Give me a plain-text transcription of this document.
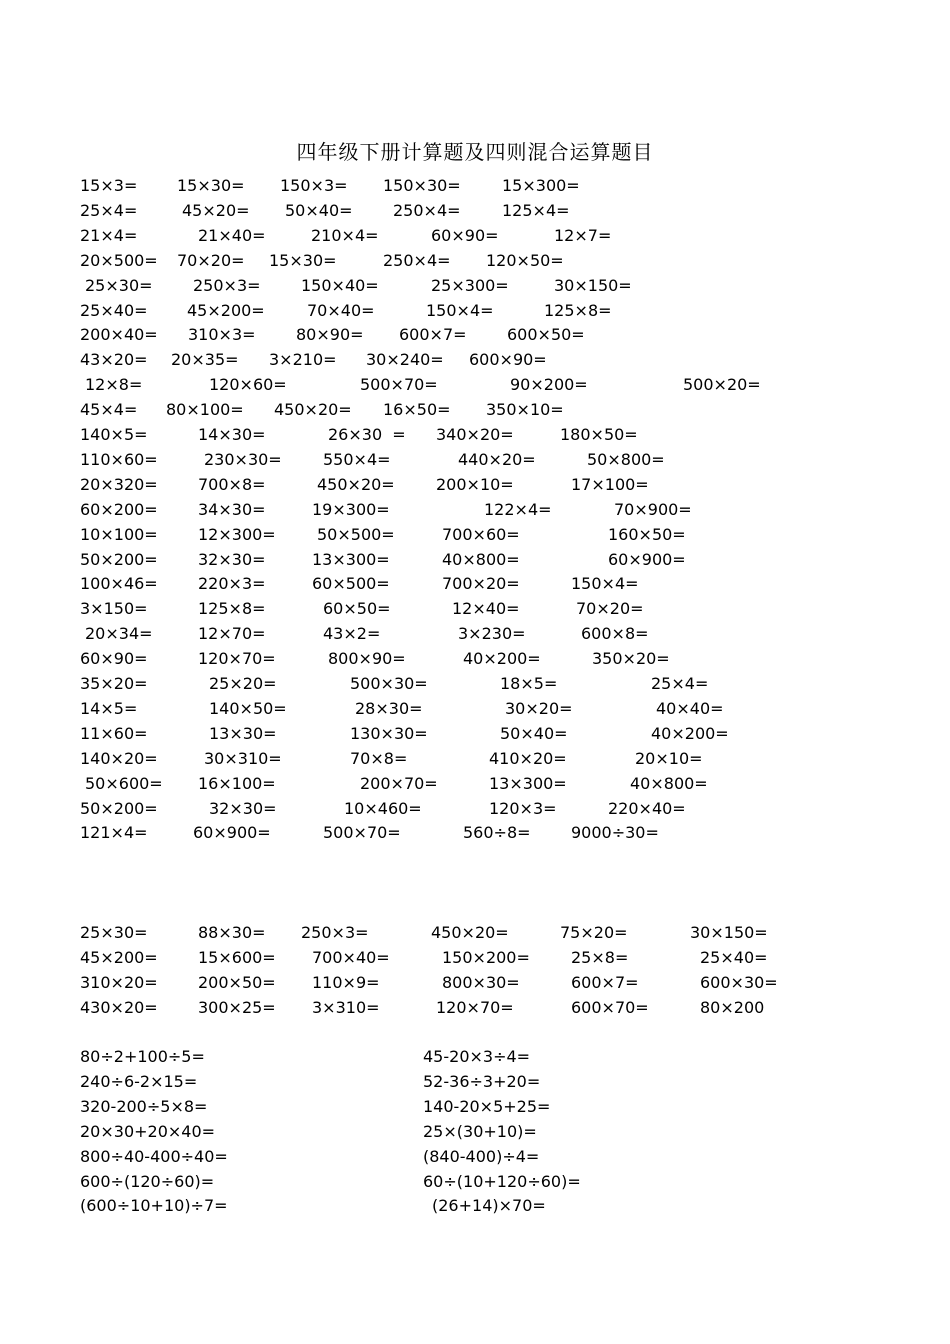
四年级下册计算题及四则混合运算题目
15×3= 15×30= 150×3= 150×30=	15×300=
25×4=	45×20= 50×40=	250×4=	125×4=
21×4=	21×40=	210×4=	60×90=	12×7=
20×500= 70×20= 15×30=	250×4= 120×50=
25×30=	250×3=	150×40=	25×300=	30×150=
25×40= 45×200=	70×40=	150×4=	125×8=
200×40= 310×3=	80×90= 600×7=	600×50=
43×20= 20×35= 3×210= 30×240= 600×90=
12×8=	120×60=	500×70=	90×200=	500×20=
45×4= 80×100= 450×20= 16×50= 350×10=
140×5=	14×30=	26×30  = 340×20=	180×50=
110×60=	230×30=	550×4=	440×20=	50×800=
20×320=	700×8=	450×20=	200×10=	17×100=
60×200=	34×30=	19×300=	122×4=	70×900=
10×100=	12×300=	50×500=	700×60=	160×50=
50×200=	32×30=	13×300=	40×800=	60×900=
100×46=	220×3=	60×500=	700×20=	150×4=
3×150=	125×8=	60×50=	12×40=	70×20=
20×34=	12×70=	43×2=	3×230=	600×8=
60×90=	120×70=	800×90=	40×200=	350×20=
35×20=	25×20=	500×30=	18×5=	25×4=
14×5=	140×50=	28×30=	30×20=	40×40=
11×60=	13×30=	130×30=	50×40=	40×200=
140×20=	30×310=	70×8=	410×20=	20×10=
50×600= 16×100=	200×70=	13×300=	40×800=
50×200=	32×30=	10×460=	120×3=	220×40=
121×4=	60×900=	500×70=	560÷8=	9000÷30=
25×30=	88×30= 250×3=	450×20=	75×20=	30×150=
45×200=	15×600= 700×40=	150×200=	25×8=	25×40=
310×20=	200×50= 110×9=	800×30=	600×7=	600×30=
430×20=	300×25= 3×310=	120×70=	600×70=	80×200
80÷2+100÷5=	45-20×3÷4=
240÷6-2×15=	52-36÷3+20=
320-200÷5×8=	140-20×5+25=
20×30+20×40=	25×(30+10)=
800÷40-400÷40=	(840-400)÷4=
600÷(120÷60)=	60÷(10+120÷60)=
(600÷10+10)÷7=	(26+14)×70=
